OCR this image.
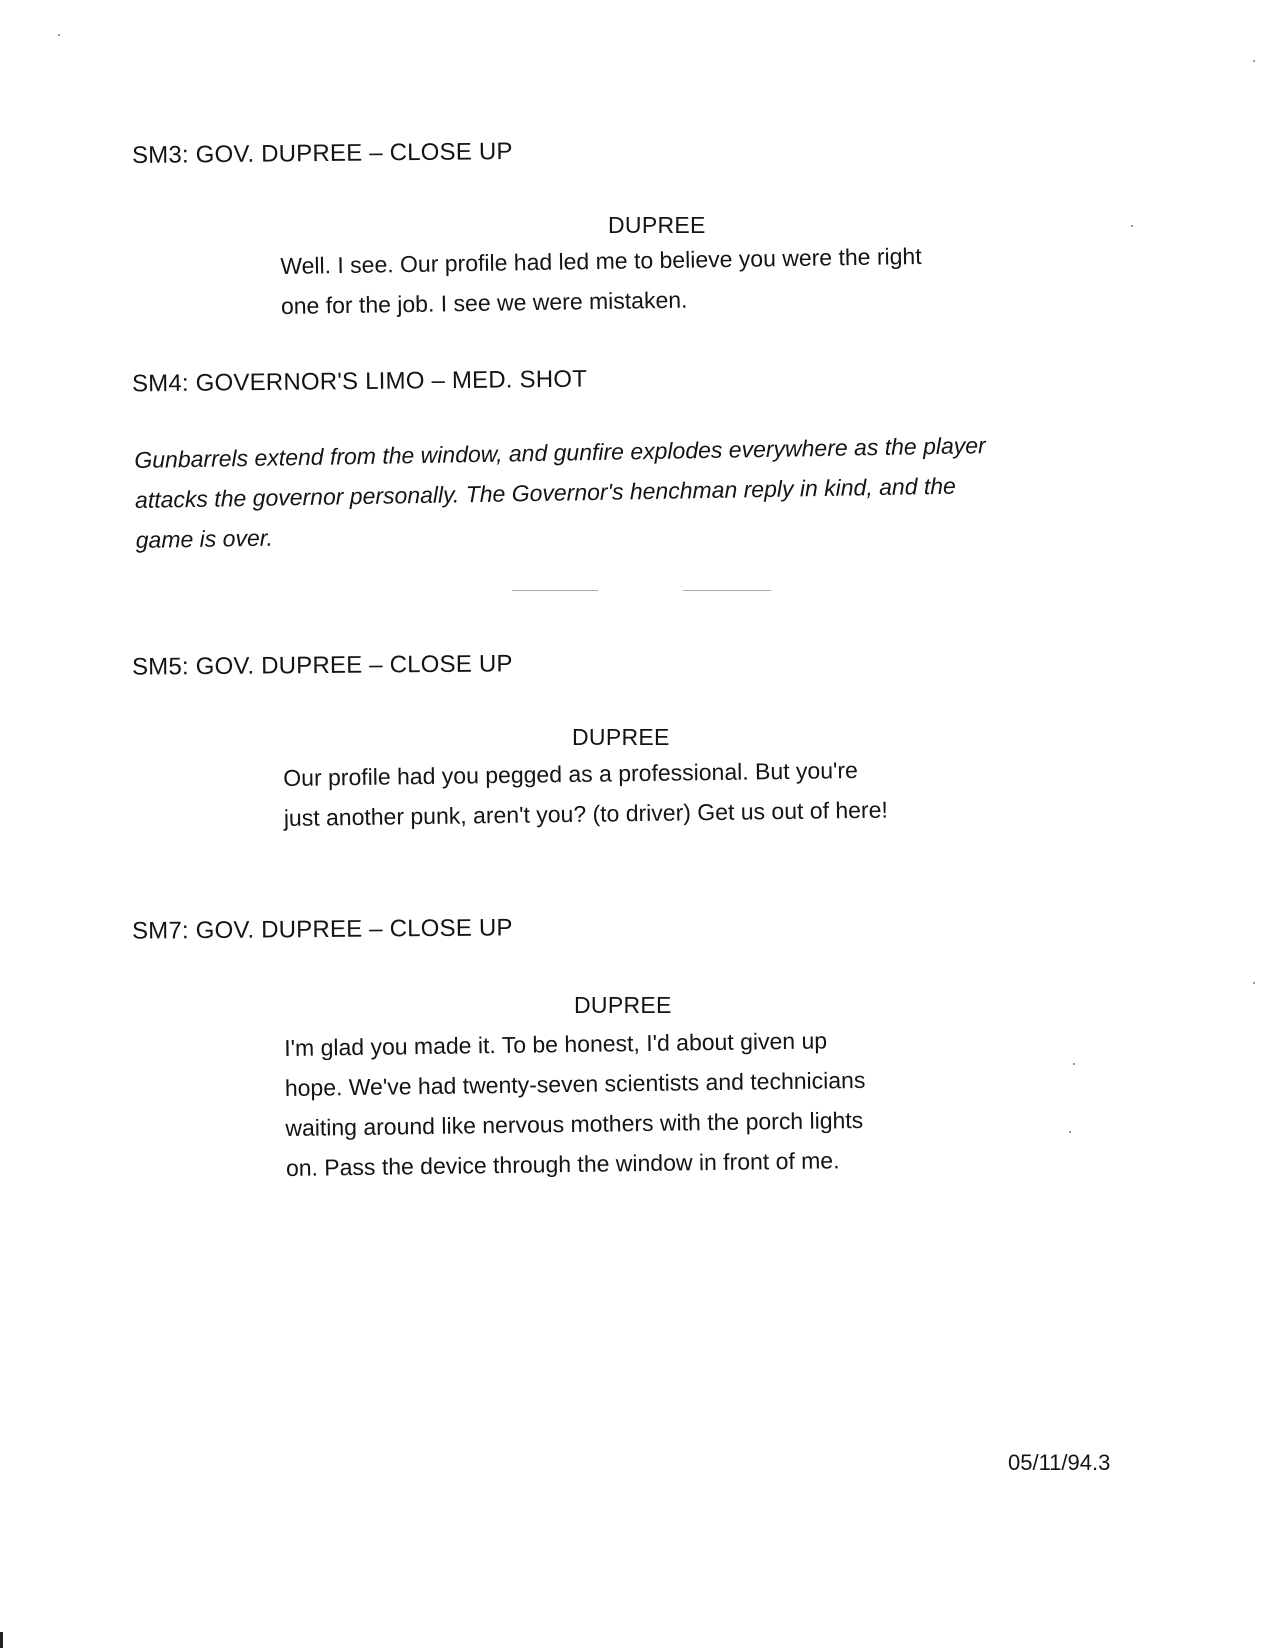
SM3: GOV. DUPREE – CLOSE UP
DUPREE
Well. I see. Our profile had led me to believe you were the right
one for the job. I see we were mistaken.
SM4: GOVERNOR'S LIMO – MED. SHOT
Gunbarrels extend from the window, and gunfire explodes everywhere as the player
attacks the governor personally. The Governor's henchman reply in kind, and the
game is over.
SM5: GOV. DUPREE – CLOSE UP
DUPREE
Our profile had you pegged as a professional. But you're
just another punk, aren't you? (to driver) Get us out of here!
SM7: GOV. DUPREE – CLOSE UP
DUPREE
I'm glad you made it. To be honest, I'd about given up
hope. We've had twenty-seven scientists and technicians
waiting around like nervous mothers with the porch lights
on. Pass the device through the window in front of me.
05/11/94.3
